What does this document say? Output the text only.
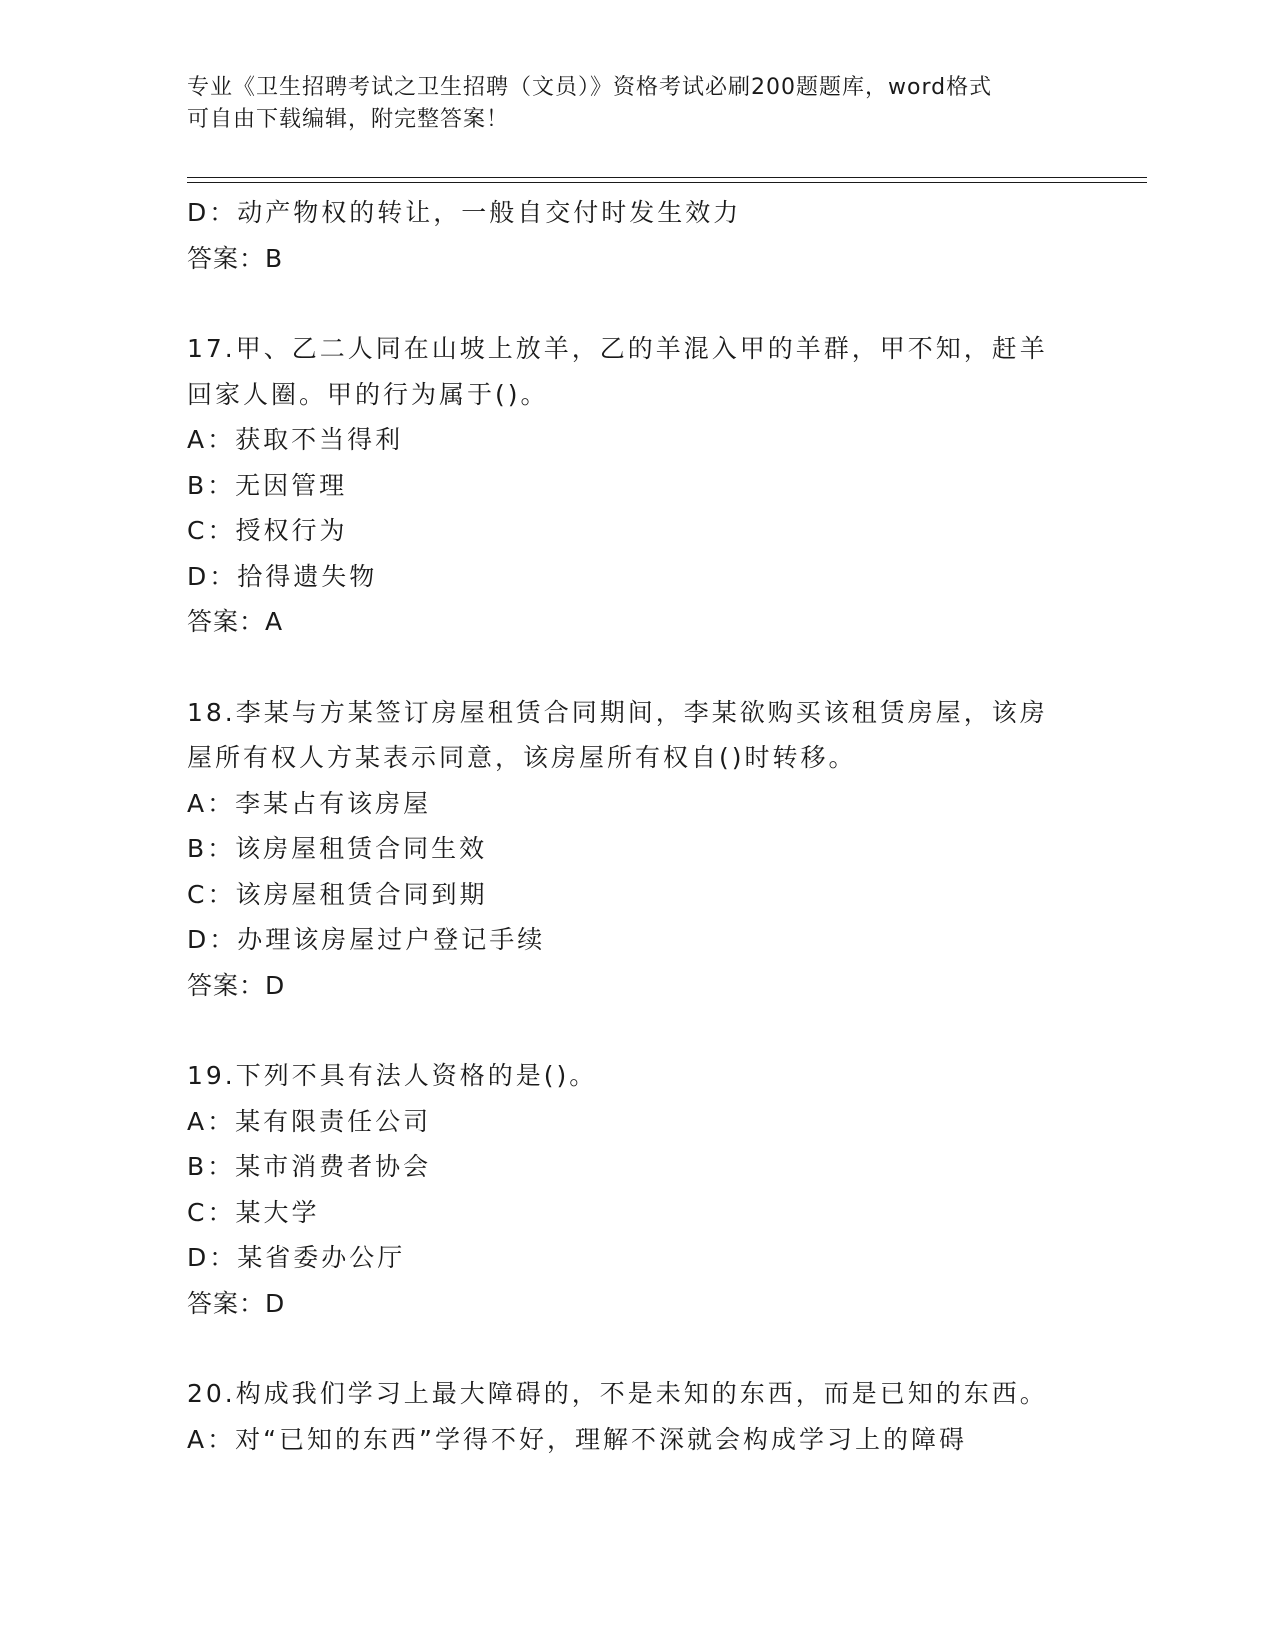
专业《卫生招聘考试之卫生招聘（文员）》资格考试必刷200题题库，word格式
可自由下载编辑，附完整答案！
D：动产物权的转让，一般自交付时发生效力
答案：B
17.甲、乙二人同在山坡上放羊，乙的羊混入甲的羊群，甲不知，赶羊
回家人圈。甲的行为属于()。
A：获取不当得利
B：无因管理
C：授权行为
D：拾得遗失物
答案：A
18.李某与方某签订房屋租赁合同期间，李某欲购买该租赁房屋，该房
屋所有权人方某表示同意，该房屋所有权自()时转移。
A：李某占有该房屋
B：该房屋租赁合同生效
C：该房屋租赁合同到期
D：办理该房屋过户登记手续
答案：D
19.下列不具有法人资格的是()。
A：某有限责任公司
B：某市消费者协会
C：某大学
D：某省委办公厅
答案：D
20.构成我们学习上最大障碍的，不是未知的东西，而是已知的东西。
A：对“已知的东西”学得不好，理解不深就会构成学习上的障碍
